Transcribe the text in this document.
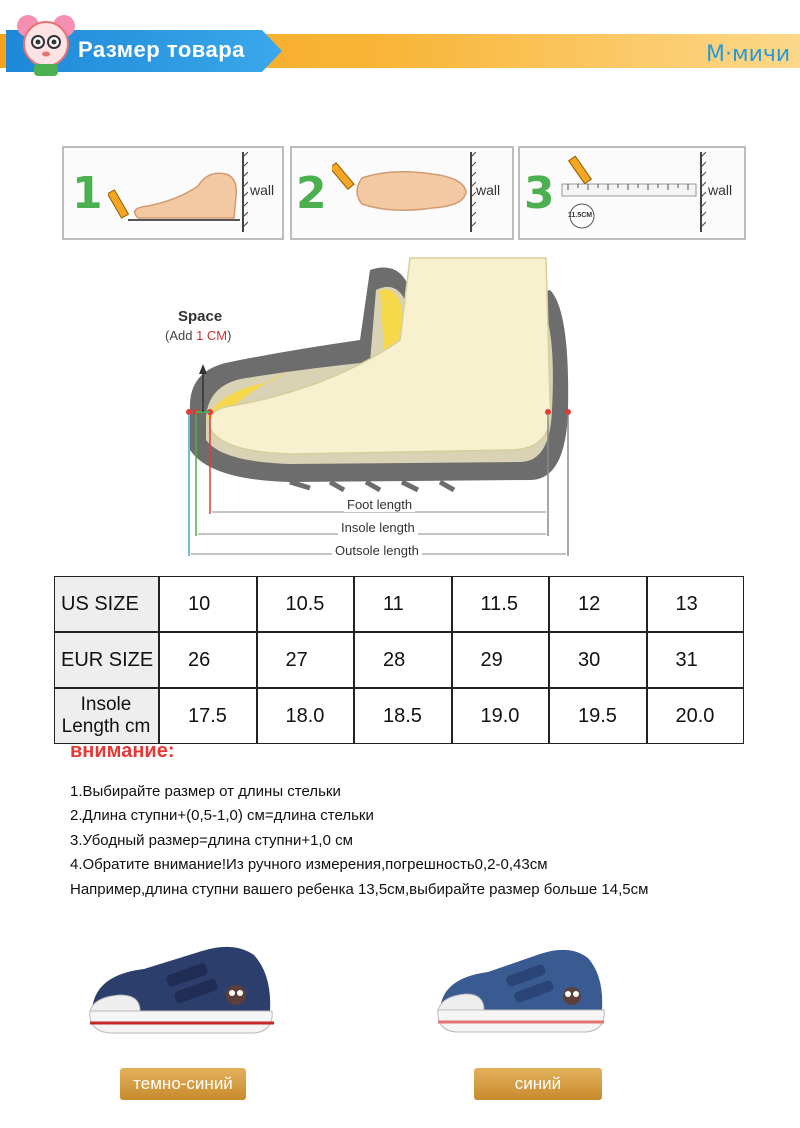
Размер товара	M·мичи
1	wall 2	wall 3 11.5CM
wall
Space
(Add 1 CM)
Foot length
Insole length
Outsole length
US SIZE	10	10.5	11	11.5	12	13
EUR SIZE	26	27	28	29	30	31
Insole
Length cm	17.5	18.0	18.5	19.0	19.5	20.0
внимание:
1.Выбирайте размер от длины стельки
2.Длина ступни+(0,5-1,0) см=длина стельки
3.Убодный размер=длина ступни+1,0 см
4.Обратите внимание!Из ручного измерения,погрешность0,2-0,43см
Например,длина ступни вашего ребенка 13,5см,выбирайте размер больше 14,5см
темно-синий	синий
